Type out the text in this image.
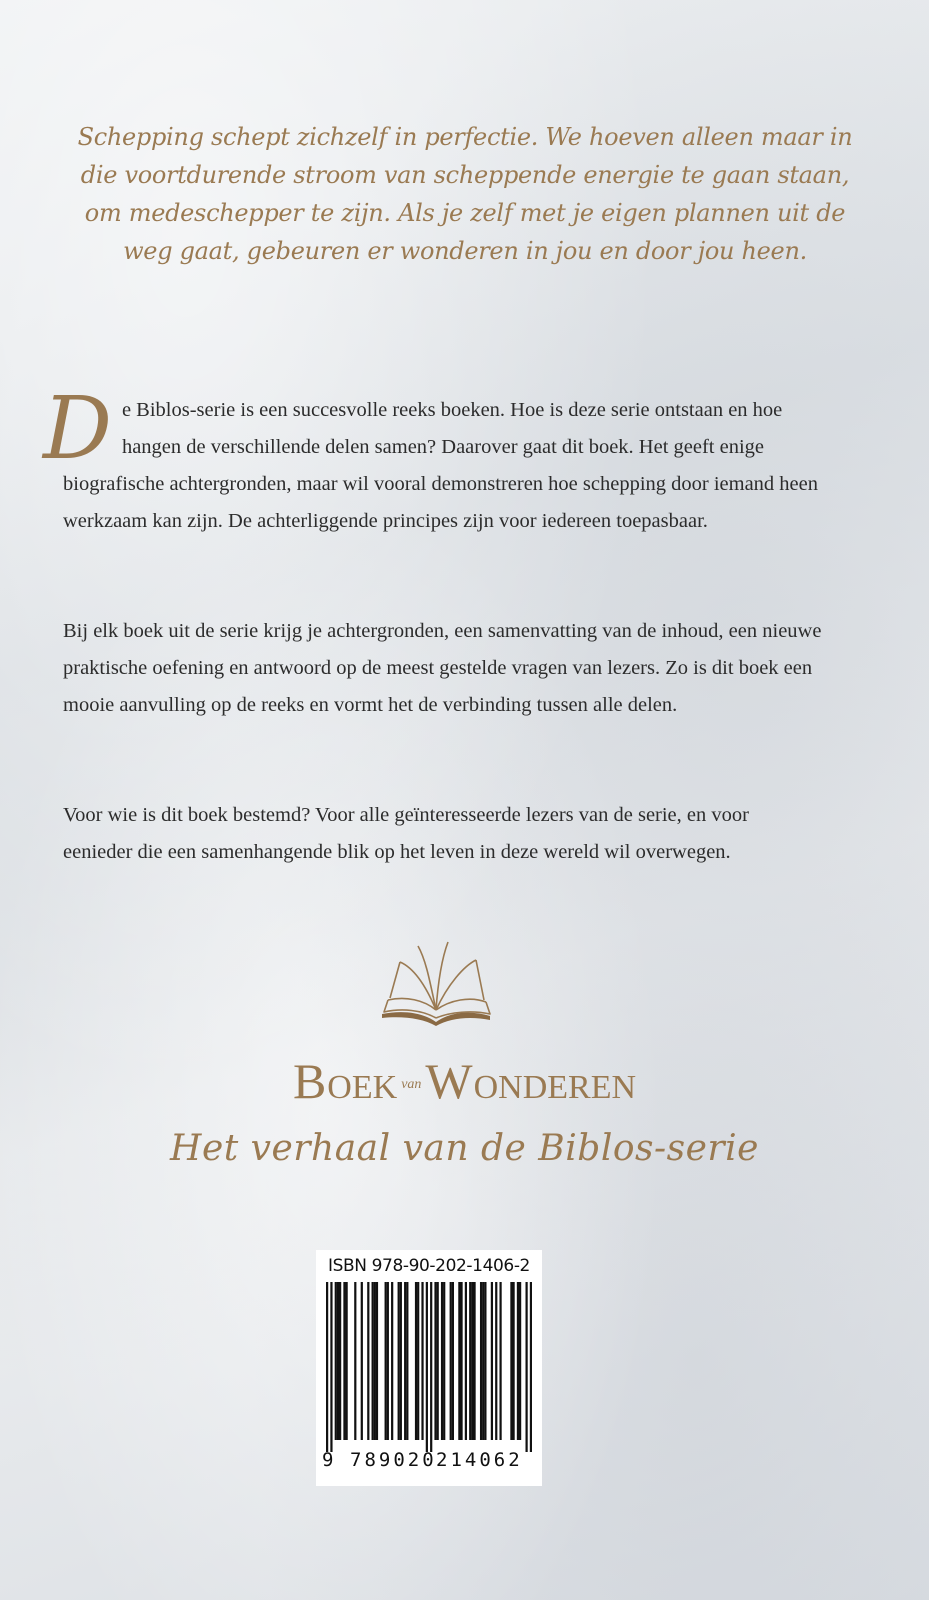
Schepping schept zichzelf in perfectie. We hoeven alleen maar in die voortdurende stroom van scheppende energie te gaan staan, om medeschepper te zijn. Als je zelf met je eigen plannen uit de weg gaat, gebeuren er wonderen in jou en door jou heen.

De Biblos-serie is een succesvolle reeks boeken. Hoe is deze serie ontstaan en hoe hangen de verschillende delen samen? Daarover gaat dit boek. Het geeft enige biografische achtergronden, maar wil vooral demonstreren hoe schepping door iemand heen werkzaam kan zijn. De achterliggende principes zijn voor iedereen toepasbaar.

Bij elk boek uit de serie krijg je achtergronden, een samenvatting van de inhoud, een nieuwe praktische oefening en antwoord op de meest gestelde vragen van lezers. Zo is dit boek een mooie aanvulling op de reeks en vormt het de verbinding tussen alle delen.

Voor wie is dit boek bestemd? Voor alle geïnteresseerde lezers van de serie, en voor eenieder die een samenhangende blik op het leven in deze wereld wil overwegen.

BOEK vanWONDEREN
Het verhaal van de Biblos-serie
ISBN 978-90-202-1406-2
9 789020 214062
